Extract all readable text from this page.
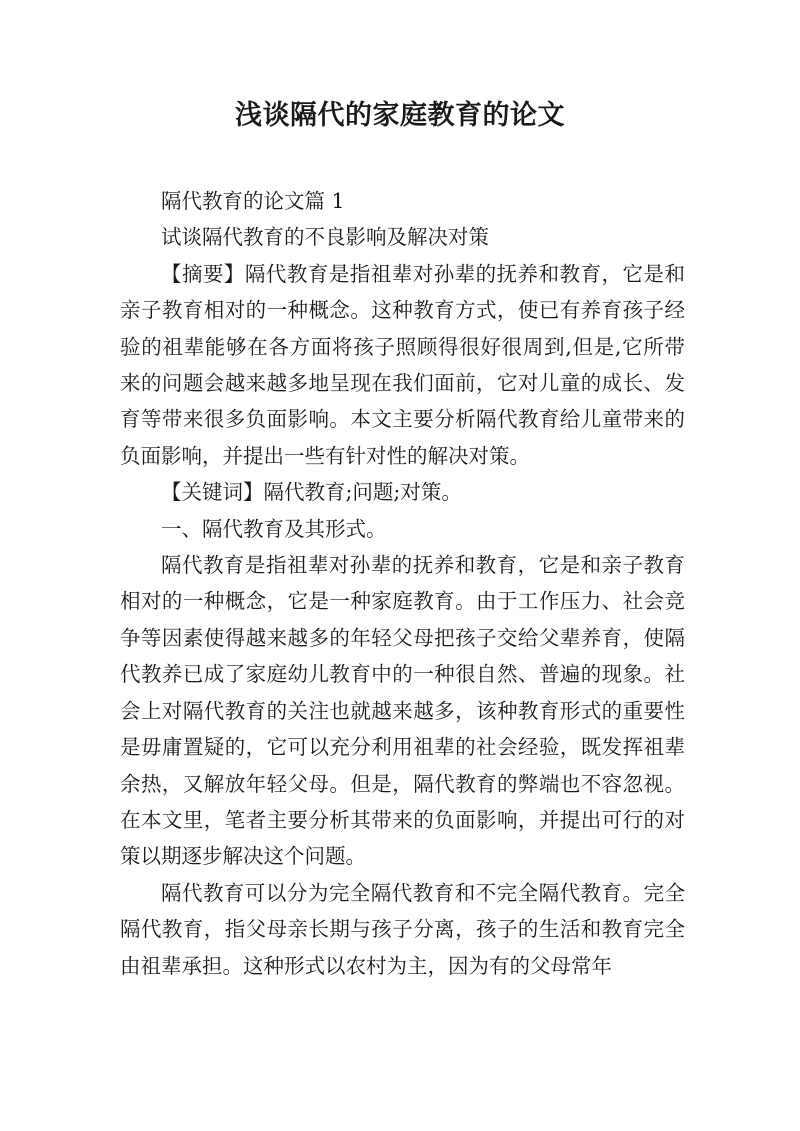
浅谈隔代的家庭教育的论文

隔代教育的论文篇 1

试谈隔代教育的不良影响及解决对策

【摘要】隔代教育是指祖辈对孙辈的抚养和教育，它是和亲子教育相对的一种概念。这种教育方式，使已有养育孩子经验的祖辈能够在各方面将孩子照顾得很好很周到,但是,它所带来的问题会越来越多地呈现在我们面前，它对儿童的成长、发育等带来很多负面影响。本文主要分析隔代教育给儿童带来的负面影响，并提出一些有针对性的解决对策。

【关键词】隔代教育;问题;对策。

一、隔代教育及其形式。

隔代教育是指祖辈对孙辈的抚养和教育，它是和亲子教育相对的一种概念，它是一种家庭教育。由于工作压力、社会竞争等因素使得越来越多的年轻父母把孩子交给父辈养育，使隔代教养已成了家庭幼儿教育中的一种很自然、普遍的现象。社会上对隔代教育的关注也就越来越多，该种教育形式的重要性是毋庸置疑的，它可以充分利用祖辈的社会经验，既发挥祖辈余热，又解放年轻父母。但是，隔代教育的弊端也不容忽视。在本文里，笔者主要分析其带来的负面影响，并提出可行的对策以期逐步解决这个问题。

隔代教育可以分为完全隔代教育和不完全隔代教育。完全隔代教育，指父母亲长期与孩子分离，孩子的生活和教育完全由祖辈承担。这种形式以农村为主，因为有的父母常年
